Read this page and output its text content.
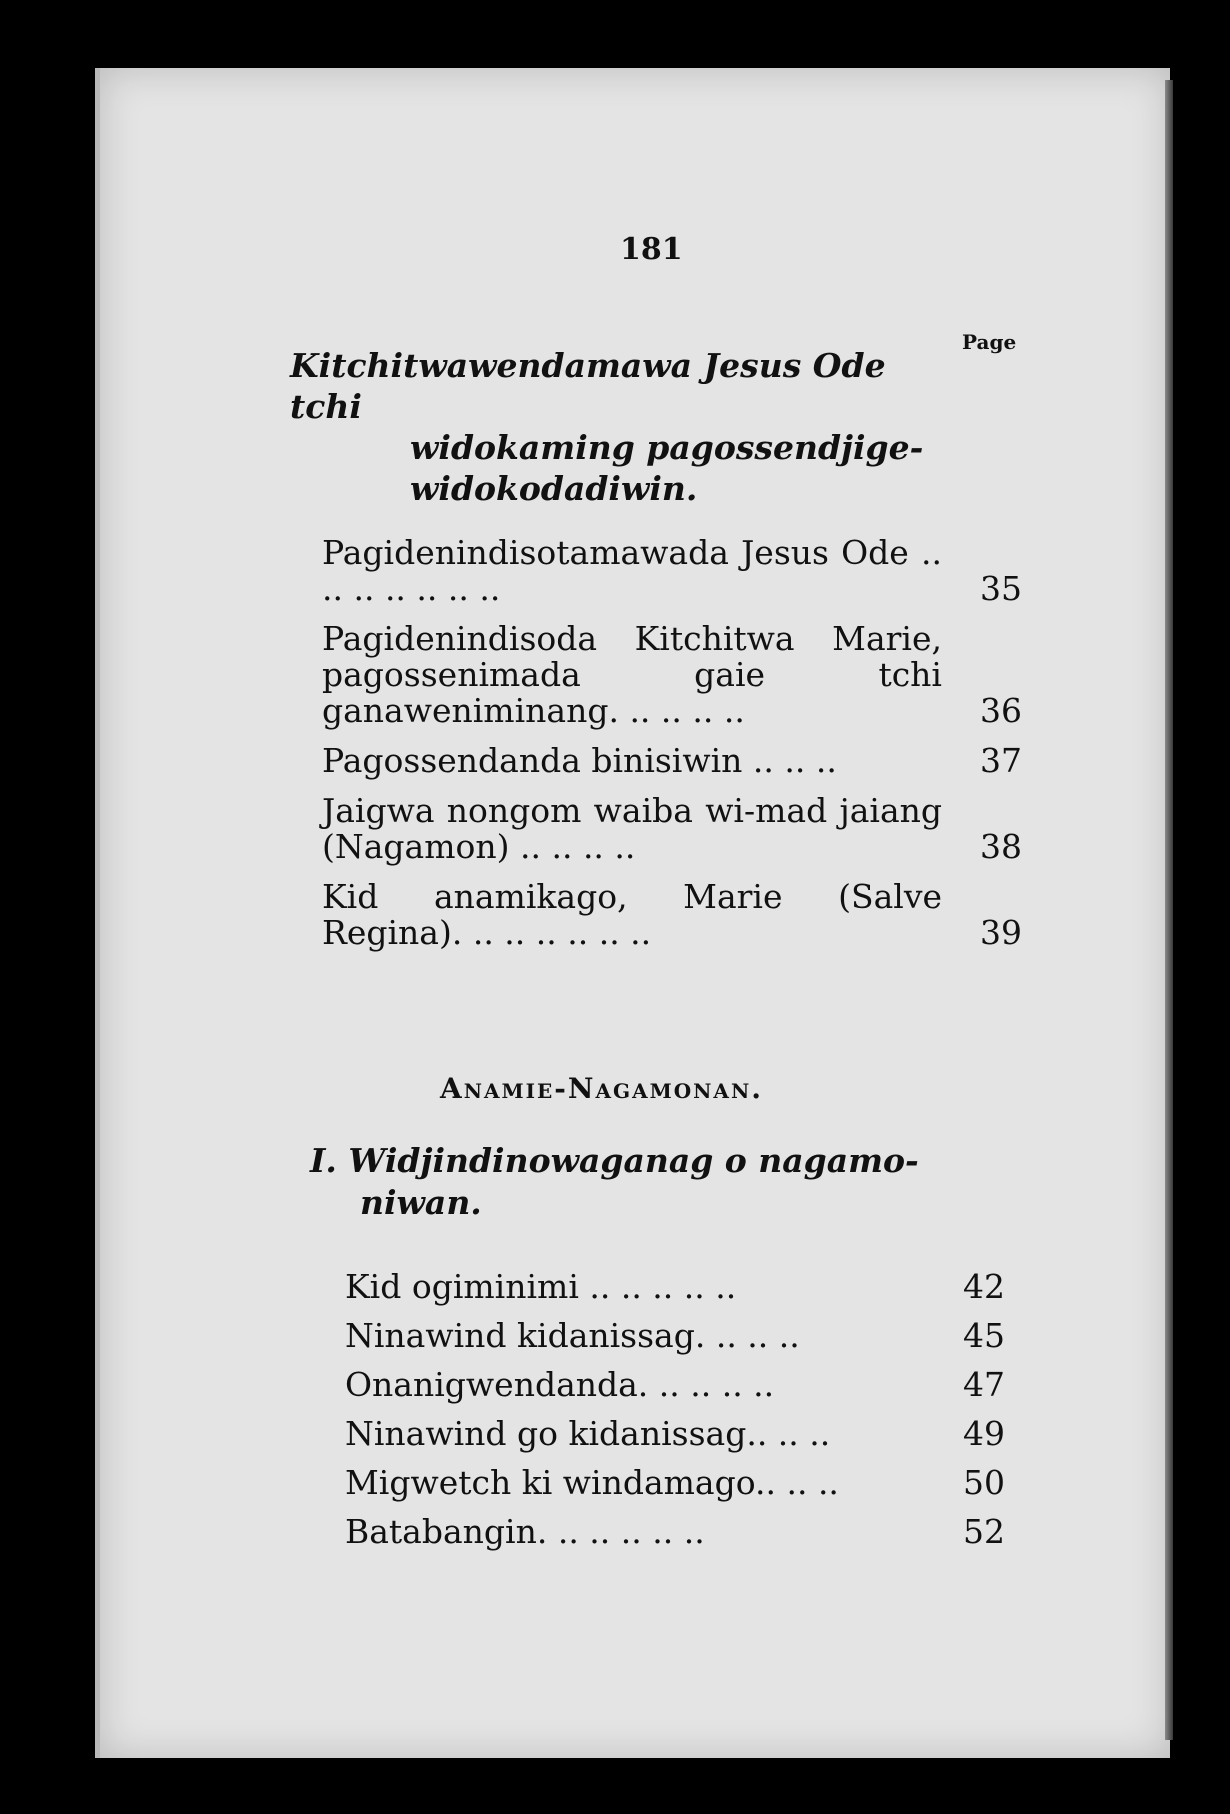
181
Page
Kitchitwawendamawa Jesus Ode tchi
widokaming pagossendjige-
widokodadiwin.
Pagidenindisotamawada Jesus Ode .. .. .. .. .. .. ..	35
Pagidenindisoda Kitchitwa Marie, pagossenimada gaie tchi ganaweniminang. .. .. .. ..	36
Pagossendanda binisiwin .. .. ..	37
Jaigwa nongom waiba wi-mad jaiang (Nagamon) .. .. .. ..	38
Kid anamikago, Marie (Salve Regina). .. .. .. .. .. ..	39
Anamie-Nagamonan.
I. Widjindinowaganag o nagamo-
niwan.
Kid ogiminimi .. .. .. .. ..	42
Ninawind kidanissag. .. .. ..	45
Onanigwendanda. .. .. .. ..	47
Ninawind go kidanissag.. .. ..	49
Migwetch ki windamago.. .. ..	50
Batabangin. .. .. .. .. ..	52
